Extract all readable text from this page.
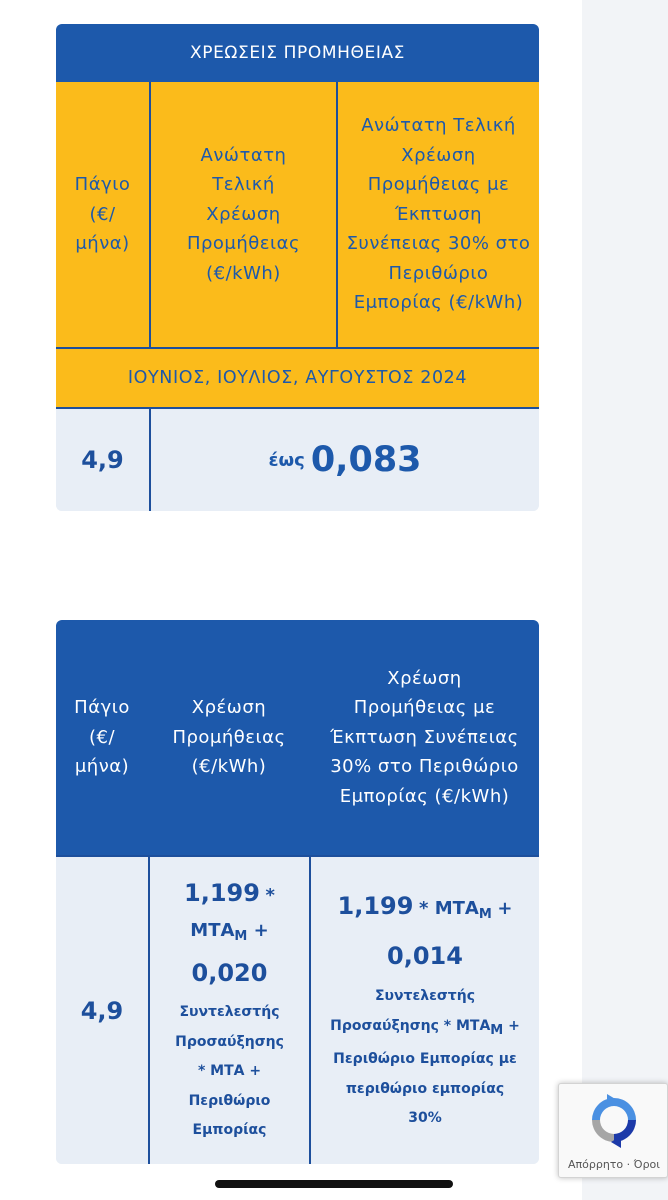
ΧΡΕΩΣΕΙΣ ΠΡΟΜΗΘΕΙΑΣ
Πάγιο (€/ μήνα)
Ανώτατη Τελική Χρέωση Προμήθειας (€/kWh)
Ανώτατη Τελική Χρέωση Προμήθειας με Έκπτωση Συνέπειας 30% στο Περιθώριο Εμπορίας (€/kWh)
ΙΟΥΝΙΟΣ, ΙΟΥΛΙΟΣ, ΑΥΓΟΥΣΤΟΣ 2024
4,9	έως 0,083
Πάγιο (€/ μήνα)
Χρέωση Προμήθειας (€/kWh)
Χρέωση Προμήθειας με Έκπτωση Συνέπειας 30% στο Περιθώριο Εμπορίας (€/kWh)
4,9
1,199 *
$MTA_M$ +
0,020
Συντελεστής
Προσαύξησης
* ΜΤΑ +
Περιθώριο
Εμπορίας
$1,199 * MTA_M$ +
0,014
Συντελεστής
Προσαύξησης * ΜΤΑΜ +
Περιθώριο Εμπορίας με
περιθώριο εμπορίας
30%
Απόρρητο · Όροι
